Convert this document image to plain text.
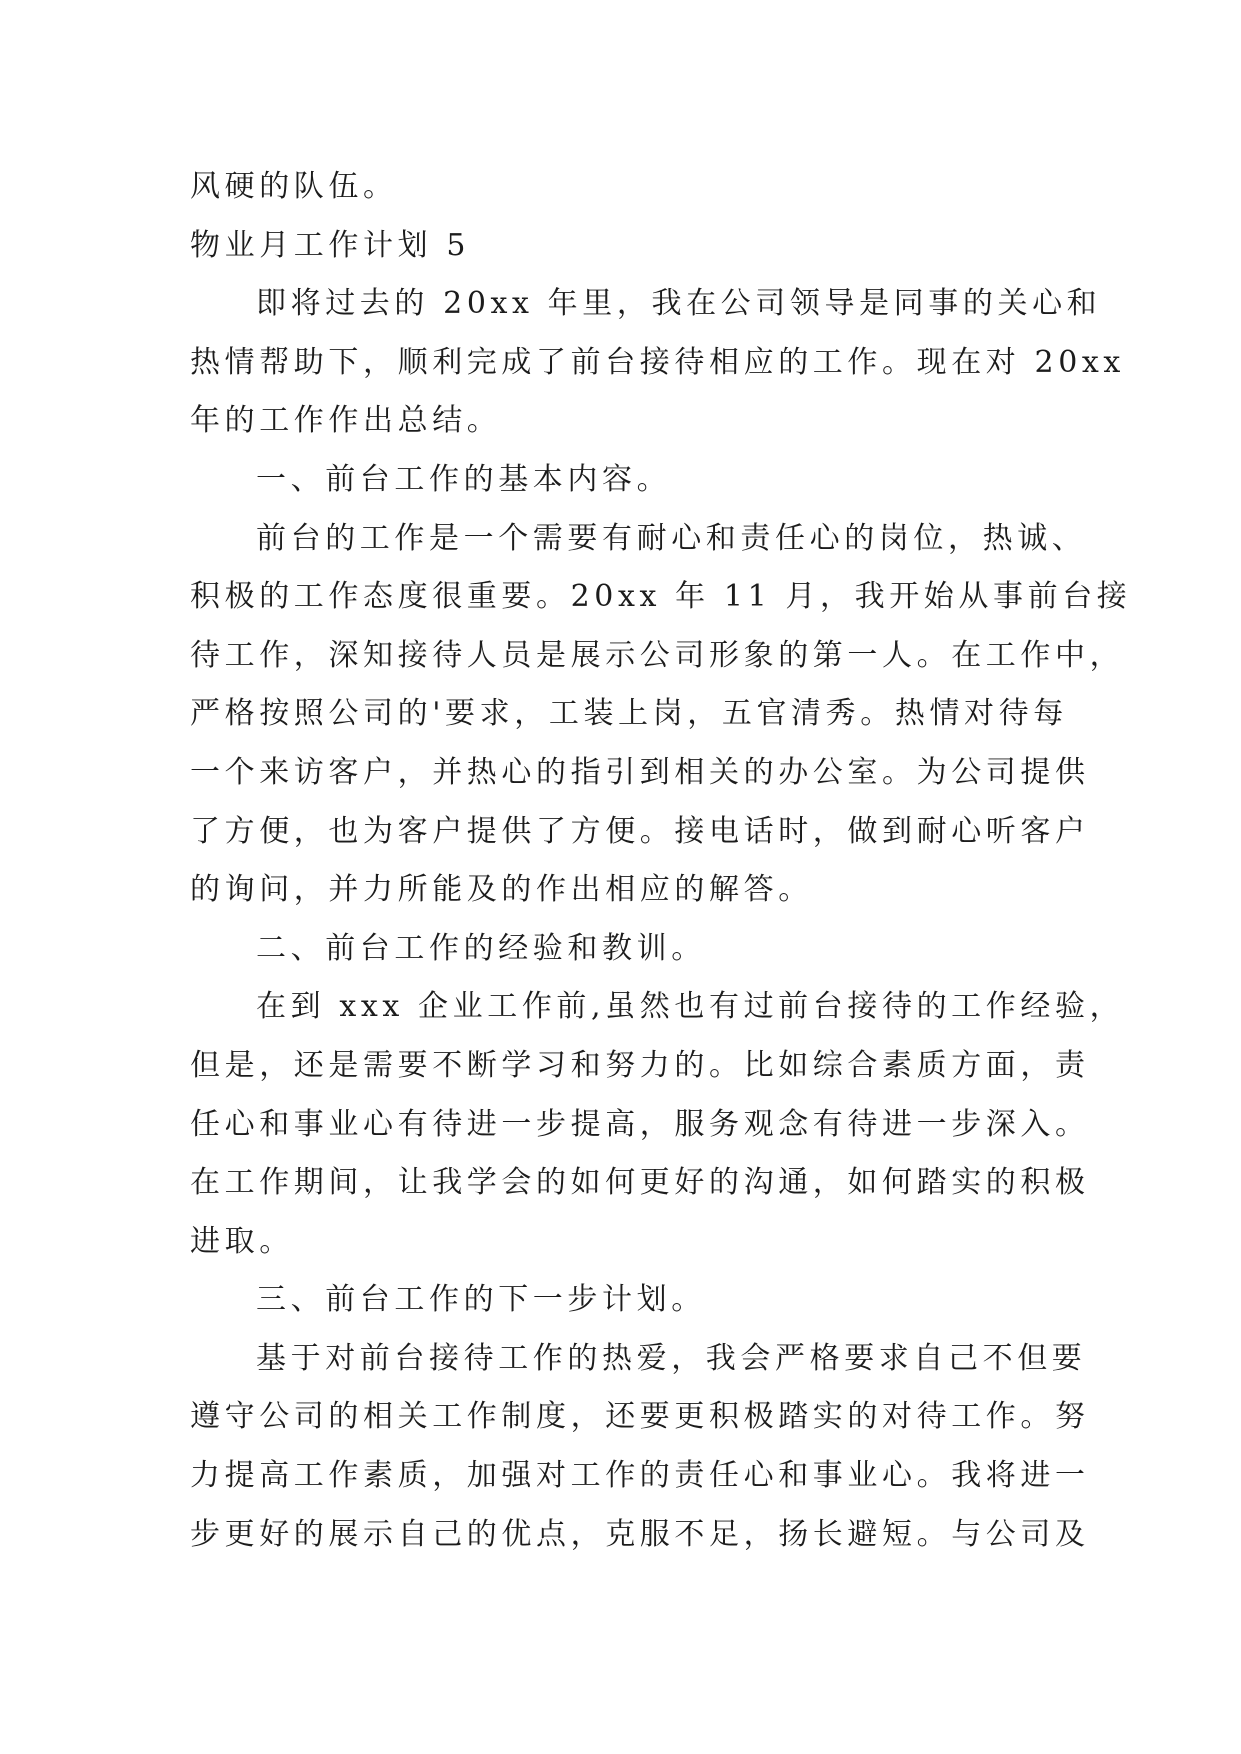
风硬的队伍。
物业月工作计划 5
即将过去的 20xx 年里，我在公司领导是同事的关心和
热情帮助下，顺利完成了前台接待相应的工作。现在对 20xx
年的工作作出总结。
一、前台工作的基本内容。
前台的工作是一个需要有耐心和责任心的岗位，热诚、
积极的工作态度很重要。20xx 年 11 月，我开始从事前台接
待工作，深知接待人员是展示公司形象的第一人。在工作中，
严格按照公司的'要求，工装上岗，五官清秀。热情对待每
一个来访客户，并热心的指引到相关的办公室。为公司提供
了方便，也为客户提供了方便。接电话时，做到耐心听客户
的询问，并力所能及的作出相应的解答。
二、前台工作的经验和教训。
在到 xxx 企业工作前,虽然也有过前台接待的工作经验，
但是，还是需要不断学习和努力的。比如综合素质方面，责
任心和事业心有待进一步提高，服务观念有待进一步深入。
在工作期间，让我学会的如何更好的沟通，如何踏实的积极
进取。
三、前台工作的下一步计划。
基于对前台接待工作的热爱，我会严格要求自己不但要
遵守公司的相关工作制度，还要更积极踏实的对待工作。努
力提高工作素质，加强对工作的责任心和事业心。我将进一
步更好的展示自己的优点，克服不足，扬长避短。与公司及
